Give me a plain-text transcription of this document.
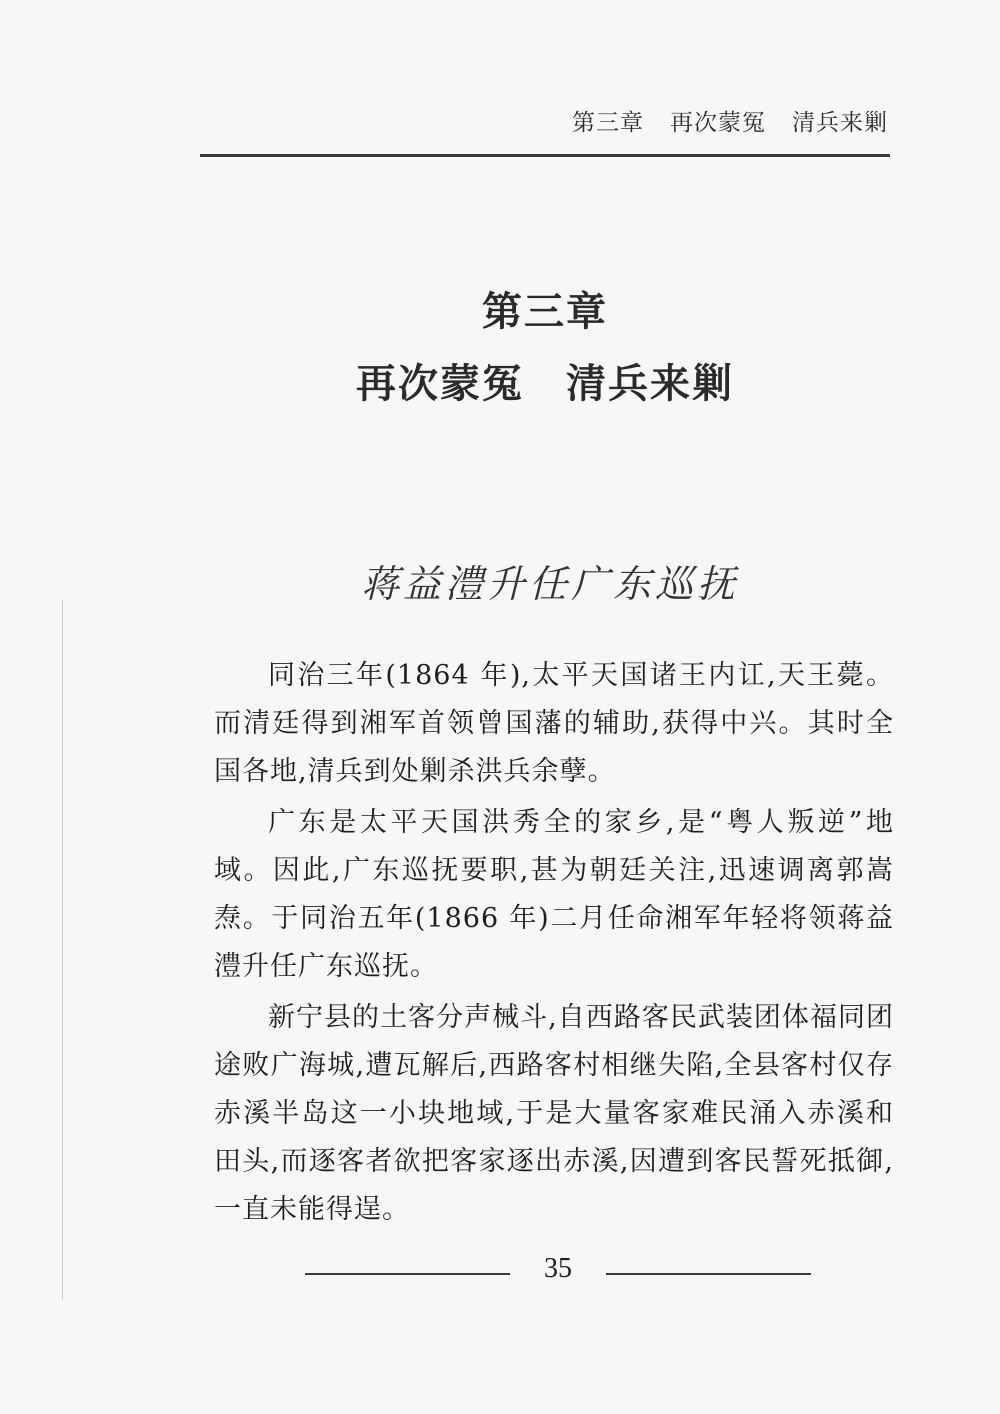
第三章 再次蒙冤 清兵来剿
第三章
再次蒙冤 清兵来剿
蒋益澧升任广东巡抚

同治三年(1864 年),太平天国诸王内讧,天王薨。而清廷得到湘军首领曾国藩的辅助,获得中兴。其时全国各地,清兵到处剿杀洪兵余孽。

广东是太平天国洪秀全的家乡,是“粤人叛逆”地域。因此,广东巡抚要职,甚为朝廷关注,迅速调离郭嵩焘。于同治五年(1866 年)二月任命湘军年轻将领蒋益澧升任广东巡抚。

新宁县的土客分声械斗,自西路客民武装团体福同团途败广海城,遭瓦解后,西路客村相继失陷,全县客村仅存赤溪半岛这一小块地域,于是大量客家难民涌入赤溪和田头,而逐客者欲把客家逐出赤溪,因遭到客民誓死抵御,一直未能得逞。

35
